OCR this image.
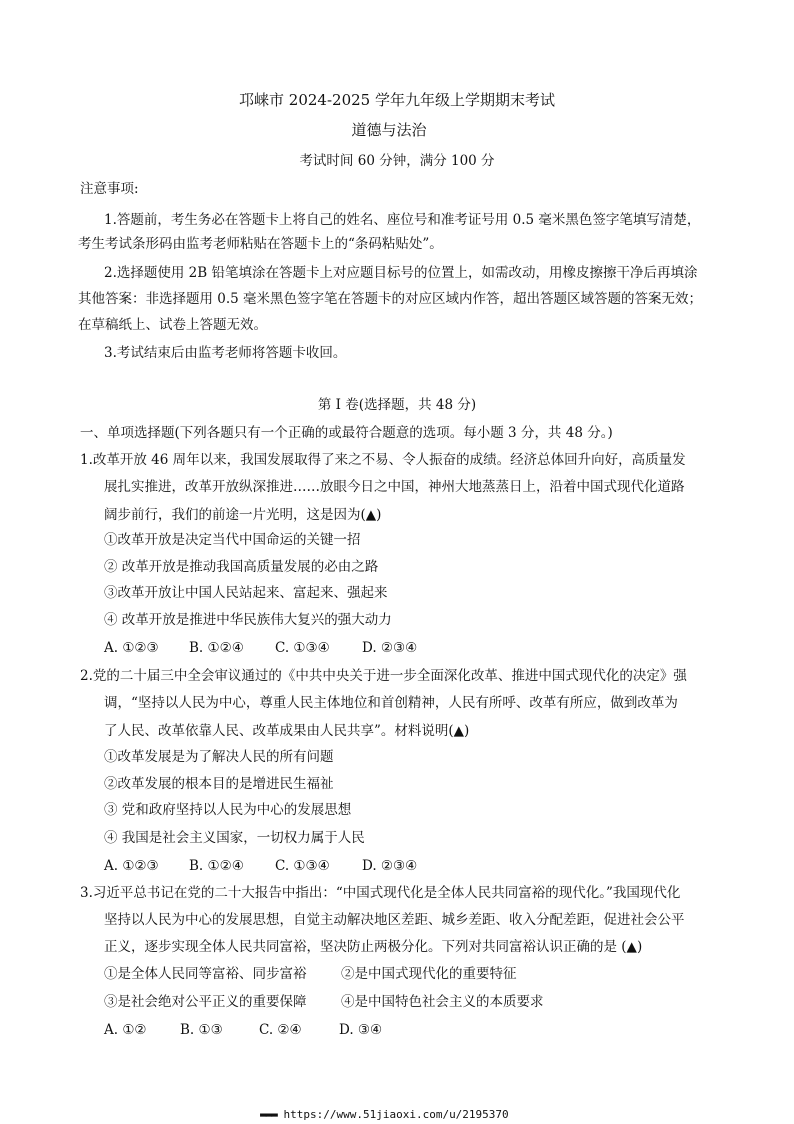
邛崃市 2024-2025 学年九年级上学期期末考试
道德与法治
考试时间 60 分钟，满分 100 分
注意事项:
1.答题前，考生务必在答题卡上将自己的姓名、座位号和准考证号用 0.5 毫米黑色签字笔填写清楚，
考生考试条形码由监考老师粘贴在答题卡上的“条码粘贴处”。
2.选择题使用 2B 铅笔填涂在答题卡上对应题目标号的位置上，如需改动，用橡皮擦擦干净后再填涂
其他答案：非选择题用 0.5 毫米黑色签字笔在答题卡的对应区域内作答，超出答题区域答题的答案无效；
在草稿纸上、试卷上答题无效。
3.考试结束后由监考老师将答题卡收回。
第 Ⅰ 卷(选择题，共 48 分)
一、单项选择题(下列各题只有一个正确的或最符合题意的选项。每小题 3 分，共 48 分。)
1.改革开放 46 周年以来，我国发展取得了来之不易、令人振奋的成绩。经济总体回升向好，高质量发
展扎实推进，改革开放纵深推进……放眼今日之中国，神州大地蒸蒸日上，沿着中国式现代化道路
阔步前行，我们的前途一片光明，这是因为(▲)
①改革开放是决定当代中国命运的关键一招
② 改革开放是推动我国高质量发展的必由之路
③改革开放让中国人民站起来、富起来、强起来
④ 改革开放是推进中华民族伟大复兴的强大动力
A. ①②③ B. ①②④ C. ①③④ D. ②③④
2.党的二十届三中全会审议通过的《中共中央关于进一步全面深化改革、推进中国式现代化的决定》强
调，“坚持以人民为中心，尊重人民主体地位和首创精神，人民有所呼、改革有所应，做到改革为
了人民、改革依靠人民、改革成果由人民共享”。材料说明(▲)
①改革发展是为了解决人民的所有问题
②改革发展的根本目的是增进民生福祉
③ 党和政府坚持以人民为中心的发展思想
④ 我国是社会主义国家，一切权力属于人民
A. ①②③ B. ①②④ C. ①③④ D. ②③④
3.习近平总书记在党的二十大报告中指出：“中国式现代化是全体人民共同富裕的现代化。”我国现代化
坚持以人民为中心的发展思想，自觉主动解决地区差距、城乡差距、收入分配差距，促进社会公平
正义，逐步实现全体人民共同富裕，坚决防止两极分化。下列对共同富裕认识正确的是 (▲)
①是全体人民同等富裕、同步富裕	②是中国式现代化的重要特征
③是社会绝对公平正义的重要保障	④是中国特色社会主义的本质要求
A. ①② B. ①③	C. ②④	D. ③④
▬▬▬ https://www.51jiaoxi.com/u/2195370
